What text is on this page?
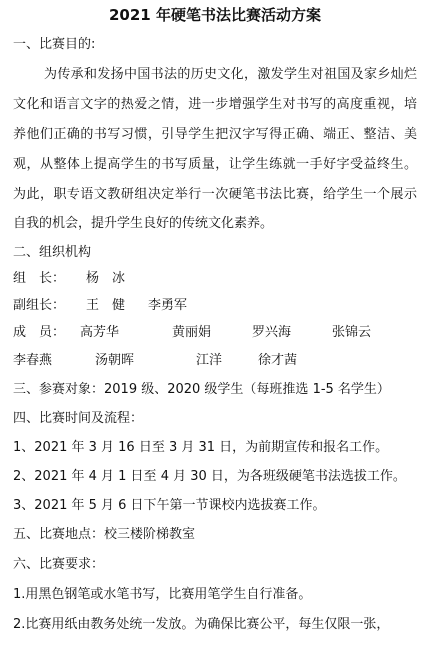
2021 年硬笔书法比赛活动方案

一、比赛目的:

为传承和发扬中国书法的历史文化，激发学生对祖国及家乡灿烂

文化和语言文字的热爱之情，进一步增强学生对书写的高度重视，培

养他们正确的书写习惯，引导学生把汉字写得正确、端正、整洁、美

观，从整体上提高学生的书写质量，让学生练就一手好字受益终生。

为此，职专语文教研组决定举行一次硬笔书法比赛，给学生一个展示

自我的机会，提升学生良好的传统文化素养。

二、组织机构

组　长： 杨　冰
副组长： 王　健 李勇军
成　员： 高芳华	黄丽娟	罗兴海	张锦云
李春燕	汤朝晖	江洋	徐才茜

三、参赛对象：2019 级、2020 级学生（每班推选 1-5 名学生）

四、比赛时间及流程：

1、2021 年 3 月 16 日至 3 月 31 日，为前期宣传和报名工作。

2、2021 年 4 月 1 日至 4 月 30 日，为各班级硬笔书法选拔工作。

3、2021 年 5 月 6 日下午第一节课校内选拔赛工作。

五、比赛地点：校三楼阶梯教室

六、比赛要求：

1.用黑色钢笔或水笔书写，比赛用笔学生自行准备。

2.比赛用纸由教务处统一发放。为确保比赛公平，每生仅限一张，
